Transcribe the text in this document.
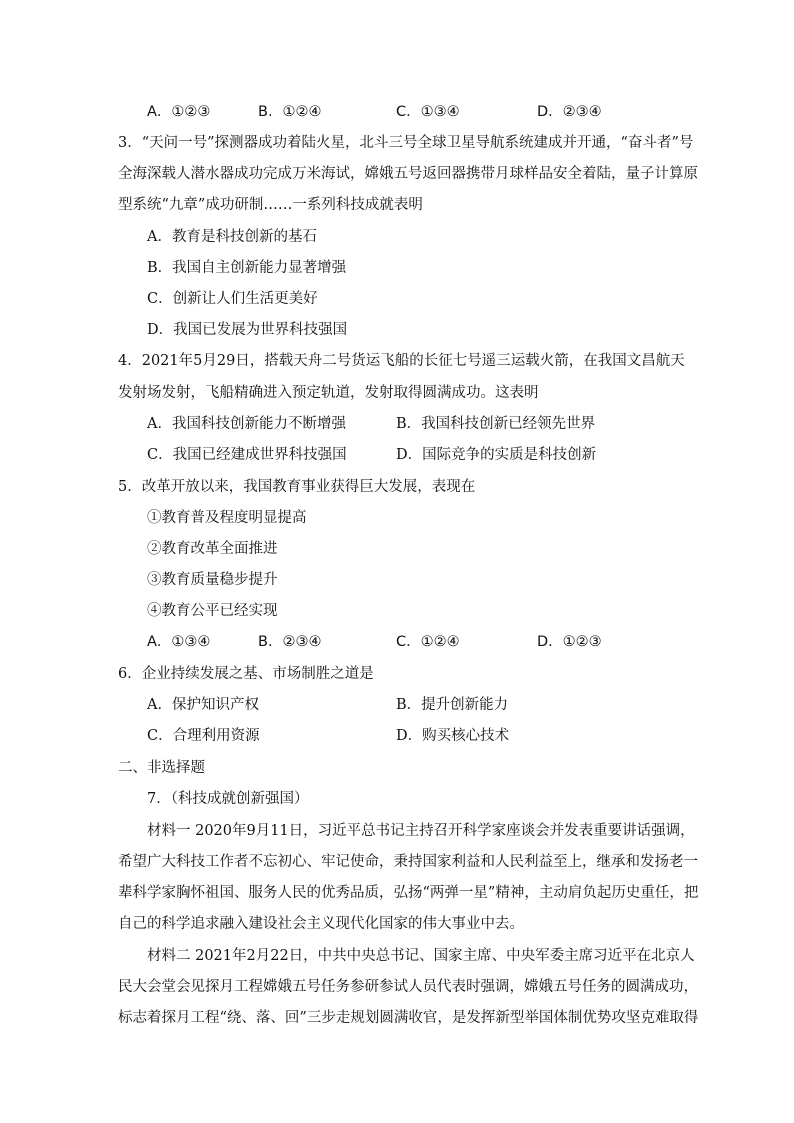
A．①②③	B．①②④	C．①③④	D．②③④
3．“天问一号”探测器成功着陆火星，北斗三号全球卫星导航系统建成并开通，“奋斗者”号
全海深载人潜水器成功完成万米海试，嫦娥五号返回器携带月球样品安全着陆，量子计算原
型系统“九章”成功研制……一系列科技成就表明
A．教育是科技创新的基石
B．我国自主创新能力显著增强
C．创新让人们生活更美好
D．我国已发展为世界科技强国
4．2021年5月29日，搭载天舟二号货运飞船的长征七号遥三运载火箭，在我国文昌航天
发射场发射，飞船精确进入预定轨道，发射取得圆满成功。这表明
A．我国科技创新能力不断增强	B．我国科技创新已经领先世界
C．我国已经建成世界科技强国	D．国际竞争的实质是科技创新
5．改革开放以来，我国教育事业获得巨大发展，表现在
①教育普及程度明显提高
②教育改革全面推进
③教育质量稳步提升
④教育公平已经实现
A．①③④	B．②③④	C．①②④	D．①②③
6．企业持续发展之基、市场制胜之道是
A．保护知识产权	B．提升创新能力
C．合理利用资源	D．购买核心技术
二、非选择题
7．（科技成就创新强国）
材料一 2020年9月11日，习近平总书记主持召开科学家座谈会并发表重要讲话强调，
希望广大科技工作者不忘初心、牢记使命，秉持国家利益和人民利益至上，继承和发扬老一
辈科学家胸怀祖国、服务人民的优秀品质，弘扬“两弹一星”精神，主动肩负起历史重任，把
自己的科学追求融入建设社会主义现代化国家的伟大事业中去。
材料二 2021年2月22日，中共中央总书记、国家主席、中央军委主席习近平在北京人
民大会堂会见探月工程嫦娥五号任务参研参试人员代表时强调，嫦娥五号任务的圆满成功，
标志着探月工程“绕、落、回”三步走规划圆满收官，是发挥新型举国体制优势攻坚克难取得
